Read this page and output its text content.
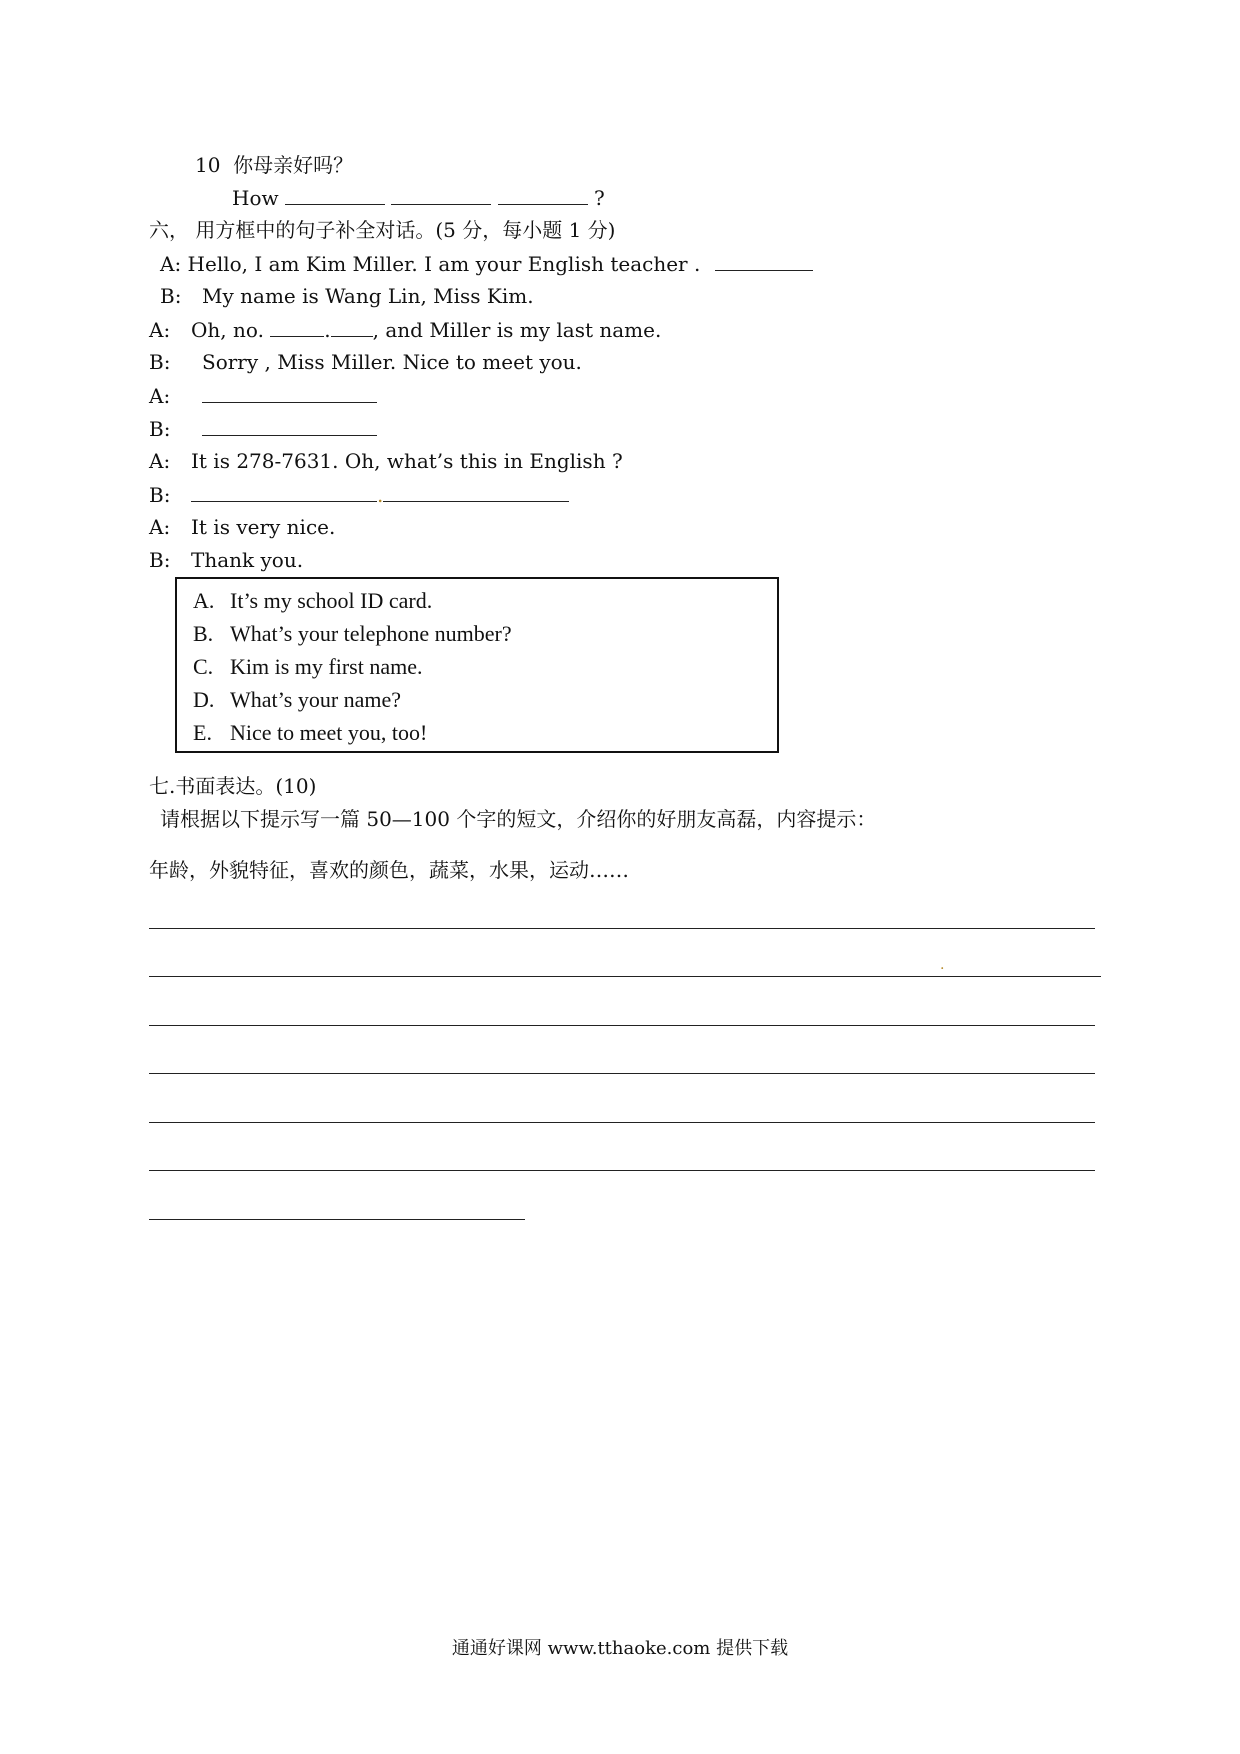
10 你母亲好吗？
How	?
六， 用方框中的句子补全对话。(5 分，每小题 1 分)
A: Hello, I am Kim Miller. I am your English teacher .
B: My name is Wang Lin, Miss Kim.
A: Oh, no.	. , and Miller is my last name.
B: Sorry , Miss Miller. Nice to meet you.
A:
B:
A: It is 278-7631. Oh, what’s this in English ?
B:	.
A: It is very nice.
B: Thank you.
A. It’s my school ID card.
B. What’s your telephone number?
C. Kim is my first name.
D. What’s your name?
E. Nice to meet you, too!
七.书面表达。(10)
请根据以下提示写一篇 50—100 个字的短文，介绍你的好朋友高磊，内容提示：
年龄，外貌特征，喜欢的颜色，蔬菜，水果，运动……
.
通通好课网 www.tthaoke.com 提供下载
